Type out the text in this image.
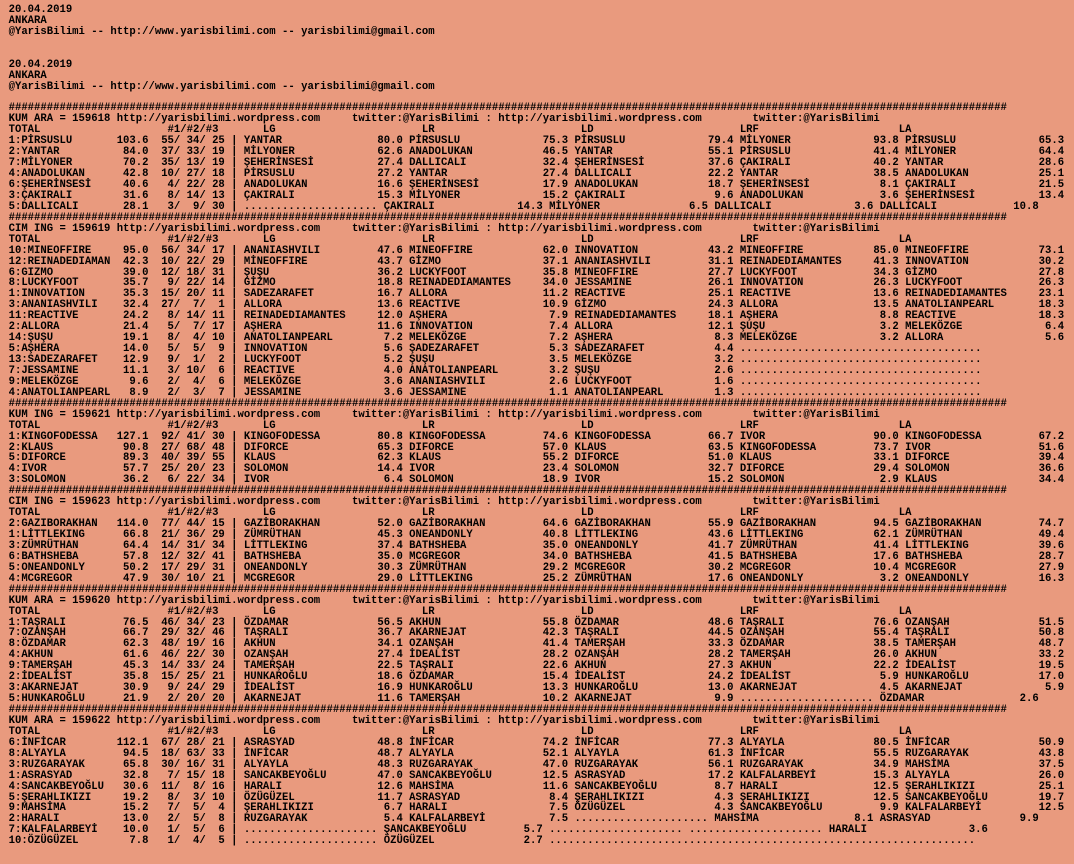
20.04.2019
ANKARA
@YarisBilimi -- http://www.yarisbilimi.com -- yarisbilimi@gmail.com
20.04.2019
ANKARA
@YarisBilimi -- http://www.yarisbilimi.com -- yarisbilimi@gmail.com
#############################################################################################################################################################
KUM ARA = 159618 http://yarisbilimi.wordpress.com     twitter:@YarisBilimi : http://yarisbilimi.wordpress.com        twitter:@YarisBilimi
TOTAL                    #1/#2/#3       LG                       LR                       LD                       LRF                      LA
1:PİRSUSLU       103.6  55/ 34/ 25 | YANTAR               80.0 PİRSUSLU             75.3 PİRSUSLU             79.4 MİLYONER             93.8 PİRSUSLU             65.3
2:YANTAR          84.0  37/ 33/ 19 | MİLYONER             62.6 ANADOLUKAN           46.5 YANTAR               55.1 PİRSUSLU             41.4 MİLYONER             64.4
7:MİLYONER        70.2  35/ 13/ 19 | ŞEHERİNSESİ          27.4 DALLICALI            32.4 ŞEHERİNSESİ          37.6 ÇAKIRALI             40.2 YANTAR               28.6
4:ANADOLUKAN      42.8  10/ 27/ 18 | PİRSUSLU             27.2 YANTAR               27.4 DALLICALI            22.2 YANTAR               38.5 ANADOLUKAN           25.1
6:ŞEHERİNSESİ     40.6   4/ 22/ 28 | ANADOLUKAN           16.6 ŞEHERİNSESİ          17.9 ANADOLUKAN           18.7 ŞEHERİNSESİ           8.1 ÇAKIRALI             21.5
3:ÇAKIRALI        31.6   8/ 14/ 13 | ÇAKIRALI             15.3 MİLYONER             15.2 ÇAKIRALI              9.6 ANADOLUKAN            3.6 ŞEHERİNSESİ          13.4
5:DALLICALI       28.1   3/  9/ 30 | ..................... ÇAKIRALI             14.3 MİLYONER              6.5 DALLICALI             3.6 DALLICALI            10.8
#############################################################################################################################################################
CIM ING = 159619 http://yarisbilimi.wordpress.com     twitter:@YarisBilimi : http://yarisbilimi.wordpress.com        twitter:@YarisBilimi
TOTAL                    #1/#2/#3       LG                       LR                       LD                       LRF                      LA
10:MINEOFFIRE     95.0  56/ 34/ 17 | ANANIASHVILI         47.6 MINEOFFIRE           62.0 INNOVATION           43.2 MINEOFFIRE           85.0 MINEOFFIRE           73.1
12:REINADEDIAMAN  42.3  10/ 22/ 29 | MİNEOFFIRE           43.7 GİZMO                37.1 ANANIASHVILI         31.1 REINADEDIAMANTES     41.3 INNOVATION           30.2
6:GIZMO           39.0  12/ 18/ 31 | ŞUŞU                 36.2 LUCKYFOOT            35.8 MINEOFFIRE           27.7 LUCKYFOOT            34.3 GİZMO                27.8
8:LUCKYFOOT       35.7   9/ 22/ 14 | GİZMO                18.8 REINADEDIAMANTES     34.0 JESSAMINE            26.1 INNOVATION           26.3 LUCKYFOOT            26.3
1:INNOVATION      35.3  15/ 20/ 11 | SADEZARAFET          16.7 ALLORA               11.2 REACTIVE             25.1 REACTIVE             13.6 REINADEDIAMANTES     23.1
3:ANANIASHVILI    32.4  27/  7/  1 | ALLORA               13.6 REACTIVE             10.9 GİZMO                24.3 ALLORA               13.5 ANATOLIANPEARL       18.3
11:REACTIVE       24.2   8/ 14/ 11 | REINADEDIAMANTES     12.0 AŞHERA                7.9 REINADEDIAMANTES     18.1 AŞHERA                8.8 REACTIVE             18.3
2:ALLORA          21.4   5/  7/ 17 | AŞHERA               11.6 INNOVATION            7.4 ALLORA               12.1 ŞUŞU                  3.2 MELEKÖZGE             6.4
14:ŞUŞU           19.1   8/  4/ 10 | ANATOLIANPEARL        7.2 MELEKÖZGE             7.2 AŞHERA                8.3 MELEKÖZGE             3.2 ALLORA                5.6
5:AŞHERA          14.0   5/  5/  9 | INNOVATION            5.6 ŞADEZARAFET           5.3 SADEZARAFET           4.4 ......................................
13:SADEZARAFET    12.9   9/  1/  2 | LUCKYFOOT             5.2 ŞUŞU                  3.5 MELEKÖZGE             3.2 ......................................
7:JESSAMINE       11.1   3/ 10/  6 | REACTIVE              4.0 ANATOLIANPEARL        3.2 ŞUŞU                  2.6 ......................................
9:MELEKÖZGE        9.6   2/  4/  6 | MELEKÖZGE             3.6 ANANIASHVILI          2.6 LUCKYFOOT             1.6 ......................................
4:ANATOLIANPEARL   8.9   2/  3/  7 | JESSAMINE             3.6 JESSAMINE             1.1 ANATOLIANPEARL        1.3 ......................................
#############################################################################################################################################################
KUM ING = 159621 http://yarisbilimi.wordpress.com     twitter:@YarisBilimi : http://yarisbilimi.wordpress.com        twitter:@YarisBilimi
TOTAL                    #1/#2/#3       LG                       LR                       LD                       LRF                      LA
1:KINGOFODESSA   127.1  92/ 41/ 30 | KINGOFODESSA         80.8 KINGOFODESSA         74.6 KINGOFODESSA         66.7 IVOR                 90.0 KINGOFODESSA         67.2
2:KLAUS           90.8  27/ 68/ 48 | DIFORCE              65.3 DIFORCE              57.0 KLAUS                63.5 KINGOFODESSA         73.7 IVOR                 51.6
5:DIFORCE         89.3  40/ 39/ 55 | KLAUS                62.3 KLAUS                55.2 DIFORCE              51.0 KLAUS                33.1 DIFORCE              39.4
4:IVOR            57.7  25/ 20/ 23 | SOLOMON              14.4 IVOR                 23.4 SOLOMON              32.7 DIFORCE              29.4 SOLOMON              36.6
3:SOLOMON         36.2   6/ 22/ 34 | IVOR                  6.4 SOLOMON              18.9 IVOR                 15.2 SOLOMON               2.9 KLAUS                34.4
#############################################################################################################################################################
CIM ING = 159623 http://yarisbilimi.wordpress.com     twitter:@YarisBilimi : http://yarisbilimi.wordpress.com        twitter:@YarisBilimi
TOTAL                    #1/#2/#3       LG                       LR                       LD                       LRF                      LA
2:GAZIBORAKHAN   114.0  77/ 44/ 15 | GAZİBORAKHAN         52.0 GAZİBORAKHAN         64.6 GAZİBORAKHAN         55.9 GAZİBORAKHAN         94.5 GAZİBORAKHAN         74.7
1:LİTTLEKING      66.8  21/ 36/ 29 | ZÜMRÜTHAN            45.3 ONEANDONLY           40.8 LİTTLEKING           43.6 LİTTLEKING           62.1 ZÜMRÜTHAN            49.4
3:ZÜMRÜTHAN       64.4  14/ 31/ 34 | LİTTLEKING           37.4 BATHSHEBA            35.0 ONEANDONLY           41.7 ZÜMRÜTHAN            41.4 LİTTLEKING           39.6
6:BATHSHEBA       57.8  12/ 32/ 41 | BATHSHEBA            35.0 MCGREGOR             34.0 BATHSHEBA            41.5 BATHSHEBA            17.6 BATHSHEBA            28.7
5:ONEANDONLY      50.2  17/ 29/ 31 | ONEANDONLY           30.3 ZÜMRÜTHAN            29.2 MCGREGOR             30.2 MCGREGOR             10.4 MCGREGOR             27.9
4:MCGREGOR        47.9  30/ 10/ 21 | MCGREGOR             29.0 LİTTLEKING           25.2 ZÜMRÜTHAN            17.6 ONEANDONLY            3.2 ONEANDONLY           16.3
#############################################################################################################################################################
KUM ARA = 159620 http://yarisbilimi.wordpress.com     twitter:@YarisBilimi : http://yarisbilimi.wordpress.com        twitter:@YarisBilimi
TOTAL                    #1/#2/#3       LG                       LR                       LD                       LRF                      LA
1:TAŞRALI         76.5  46/ 34/ 23 | ÖZDAMAR              56.5 AKHUN                55.8 ÖZDAMAR              48.6 TAŞRALI              76.6 OZANŞAH              51.5
7:OZANŞAH         66.7  29/ 32/ 46 | TAŞRALI              36.7 AKARNEJAT            42.3 TAŞRALI              44.5 OZANŞAH              55.4 TAŞRALI              50.8
8:ÖZDAMAR         62.3  48/ 19/ 16 | AKHUN                34.1 OZANŞAH              41.4 TAMERŞAH             33.3 ÖZDAMAR              38.5 TAMERŞAH             48.7
4:AKHUN           61.6  46/ 22/ 30 | OZANŞAH              27.4 İDEALİST             28.2 OZANŞAH              28.2 TAMERŞAH             26.0 AKHUN                33.2
9:TAMERŞAH        45.3  14/ 33/ 24 | TAMERŞAH             22.5 TAŞRALI              22.6 AKHUN                27.3 AKHUN                22.2 İDEALİST             19.5
2:İDEALİST        35.8  15/ 25/ 21 | HUNKAROĞLU           18.6 ÖZDAMAR              15.4 İDEALİST             24.2 İDEALİST              5.9 HUNKAROĞLU           17.0
3:AKARNEJAT       30.9   9/ 24/ 29 | İDEALİST             16.9 HUNKAROĞLU           13.3 HUNKAROĞLU           13.0 AKARNEJAT             4.5 AKARNEJAT             5.9
5:HUNKAROĞLU      21.9   2/ 20/ 20 | AKARNEJAT            11.6 TAMERŞAH             10.2 AKARNEJAT             9.9 ..................... ÖZDAMAR               2.6
#############################################################################################################################################################
KUM ARA = 159622 http://yarisbilimi.wordpress.com     twitter:@YarisBilimi : http://yarisbilimi.wordpress.com        twitter:@YarisBilimi
TOTAL                    #1/#2/#3       LG                       LR                       LD                       LRF                      LA
6:İNFİCAR        112.1  67/ 28/ 21 | ASRASYAD             48.8 İNFİCAR              74.2 İNFİCAR              77.3 ALYAYLA              80.5 İNFİCAR              50.9
8:ALYAYLA         94.5  18/ 63/ 33 | İNFİCAR              48.7 ALYAYLA              52.1 ALYAYLA              61.3 İNFİCAR              55.5 RUZGARAYAK           43.8
3:RUZGARAYAK      65.8  30/ 16/ 31 | ALYAYLA              48.3 RUZGARAYAK           47.0 RUZGARAYAK           56.1 RUZGARAYAK           34.9 MAHSİMA              37.5
1:ASRASYAD        32.8   7/ 15/ 18 | SANCAKBEYOĞLU        47.0 SANCAKBEYOĞLU        12.5 ASRASYAD             17.2 KALFALARBEYİ         15.3 ALYAYLA              26.0
4:SANCAKBEYOĞLU   30.6  11/  8/ 16 | HARALI               12.6 MAHSİMA              11.6 SANCAKBEYOĞLU         8.7 HARALI               12.5 ŞERAHLIKIZI          25.1
5:ŞERAHLIKIZI     19.2   8/  3/ 10 | ÖZÜGÜZEL             11.7 ASRASYAD              8.4 ŞERAHLIKIZI           4.3 ŞERAHLIKIZI          12.5 SANCAKBEYOĞLU        19.7
9:MAHSİMA         15.2   7/  5/  4 | ŞERAHLIKIZI           6.7 HARALI                7.5 ÖZÜGÜZEL              4.3 SANCAKBEYOĞLU         9.9 KALFALARBEYİ         12.5
2:HARALI          13.0   2/  5/  8 | RUZGARAYAK            5.4 KALFALARBEYİ          7.5 ..................... MAHSİMA               8.1 ASRASYAD              9.9
7:KALFALARBEYİ    10.0   1/  5/  6 | ..................... ŞANCAKBEYOĞLU         5.7 ..................... ..................... HARALI                3.6
10:ÖZÜGÜZEL        7.8   1/  4/  5 | ..................... ÖZÜGÜZEL              2.7 ...................................................................
